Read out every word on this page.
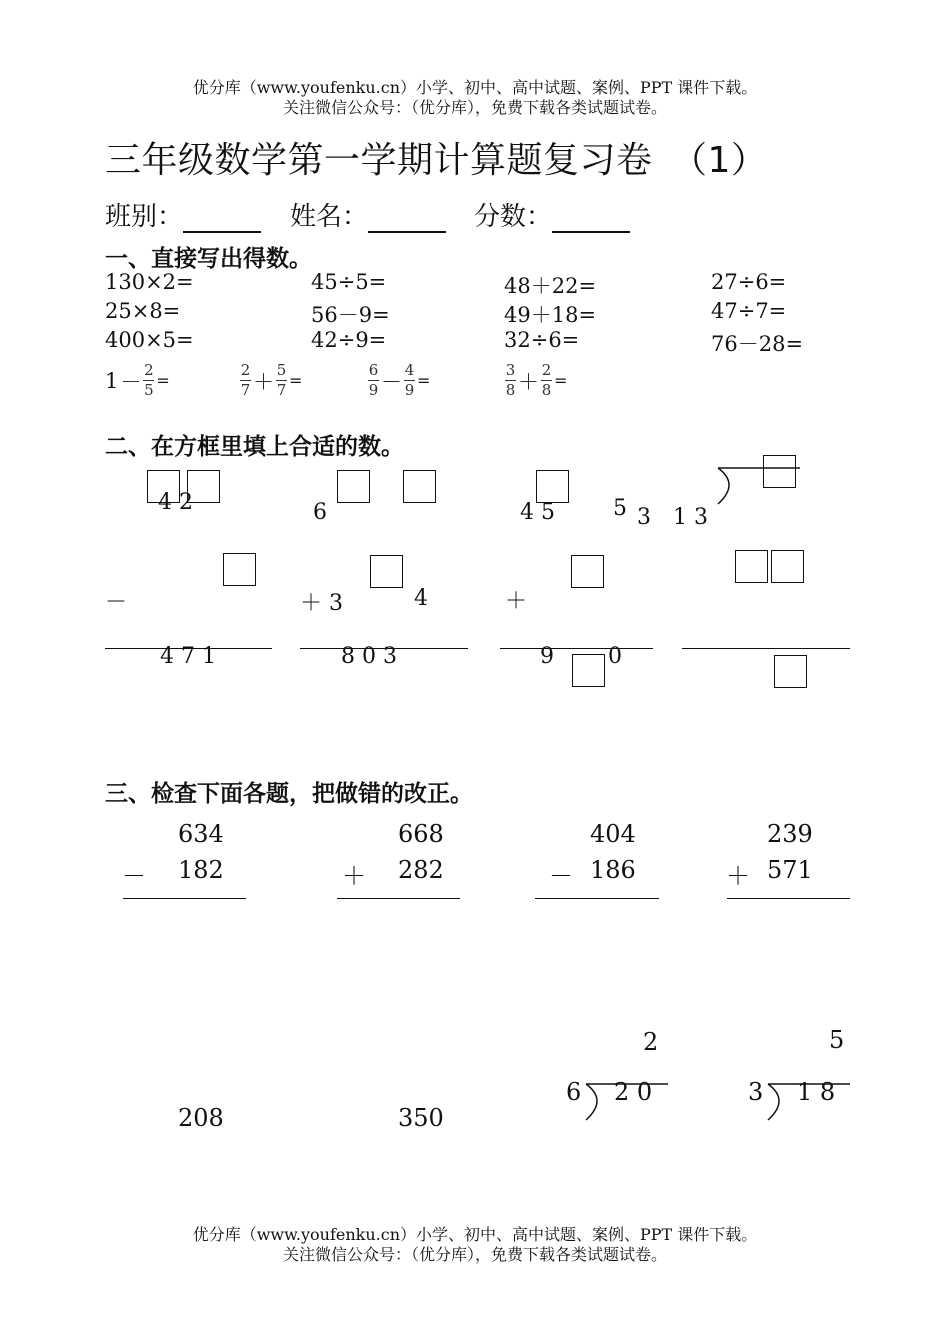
优分库（www.youfenku.cn）小学、初中、高中试题、案例、PPT 课件下载。
关注微信公众号：（优分库），免费下载各类试题试卷。
三年级数学第一学期计算题复习卷　（1）
班别：	姓名：	分数：
一、直接写出得数。
130×2=	45÷5=	48＋22=	27÷6=
25×8=	56－9=	49＋18=	47÷7=
400×5=	42÷9=	32÷6=	76－28=
$1 - \frac{2}{5}$ =	$\frac{2}{7} + \frac{5}{7}$ =	$\frac{6}{9} - \frac{4}{9}$ =	$\frac{3}{8} + \frac{2}{8}$ =
二、在方框里填上合适的数。
4 2
－
4 7 1
6
＋ 3	4
8 0 3
4 5
＋
9 0
5 3　1 3
三、检查下面各题，把做错的改正。
634
－ 182
668
＋ 282
404
－ 186
239
＋ 571
208	350
2
6 2 0
5
3 1 8
优分库（www.youfenku.cn）小学、初中、高中试题、案例、PPT 课件下载。
关注微信公众号：（优分库），免费下载各类试题试卷。
